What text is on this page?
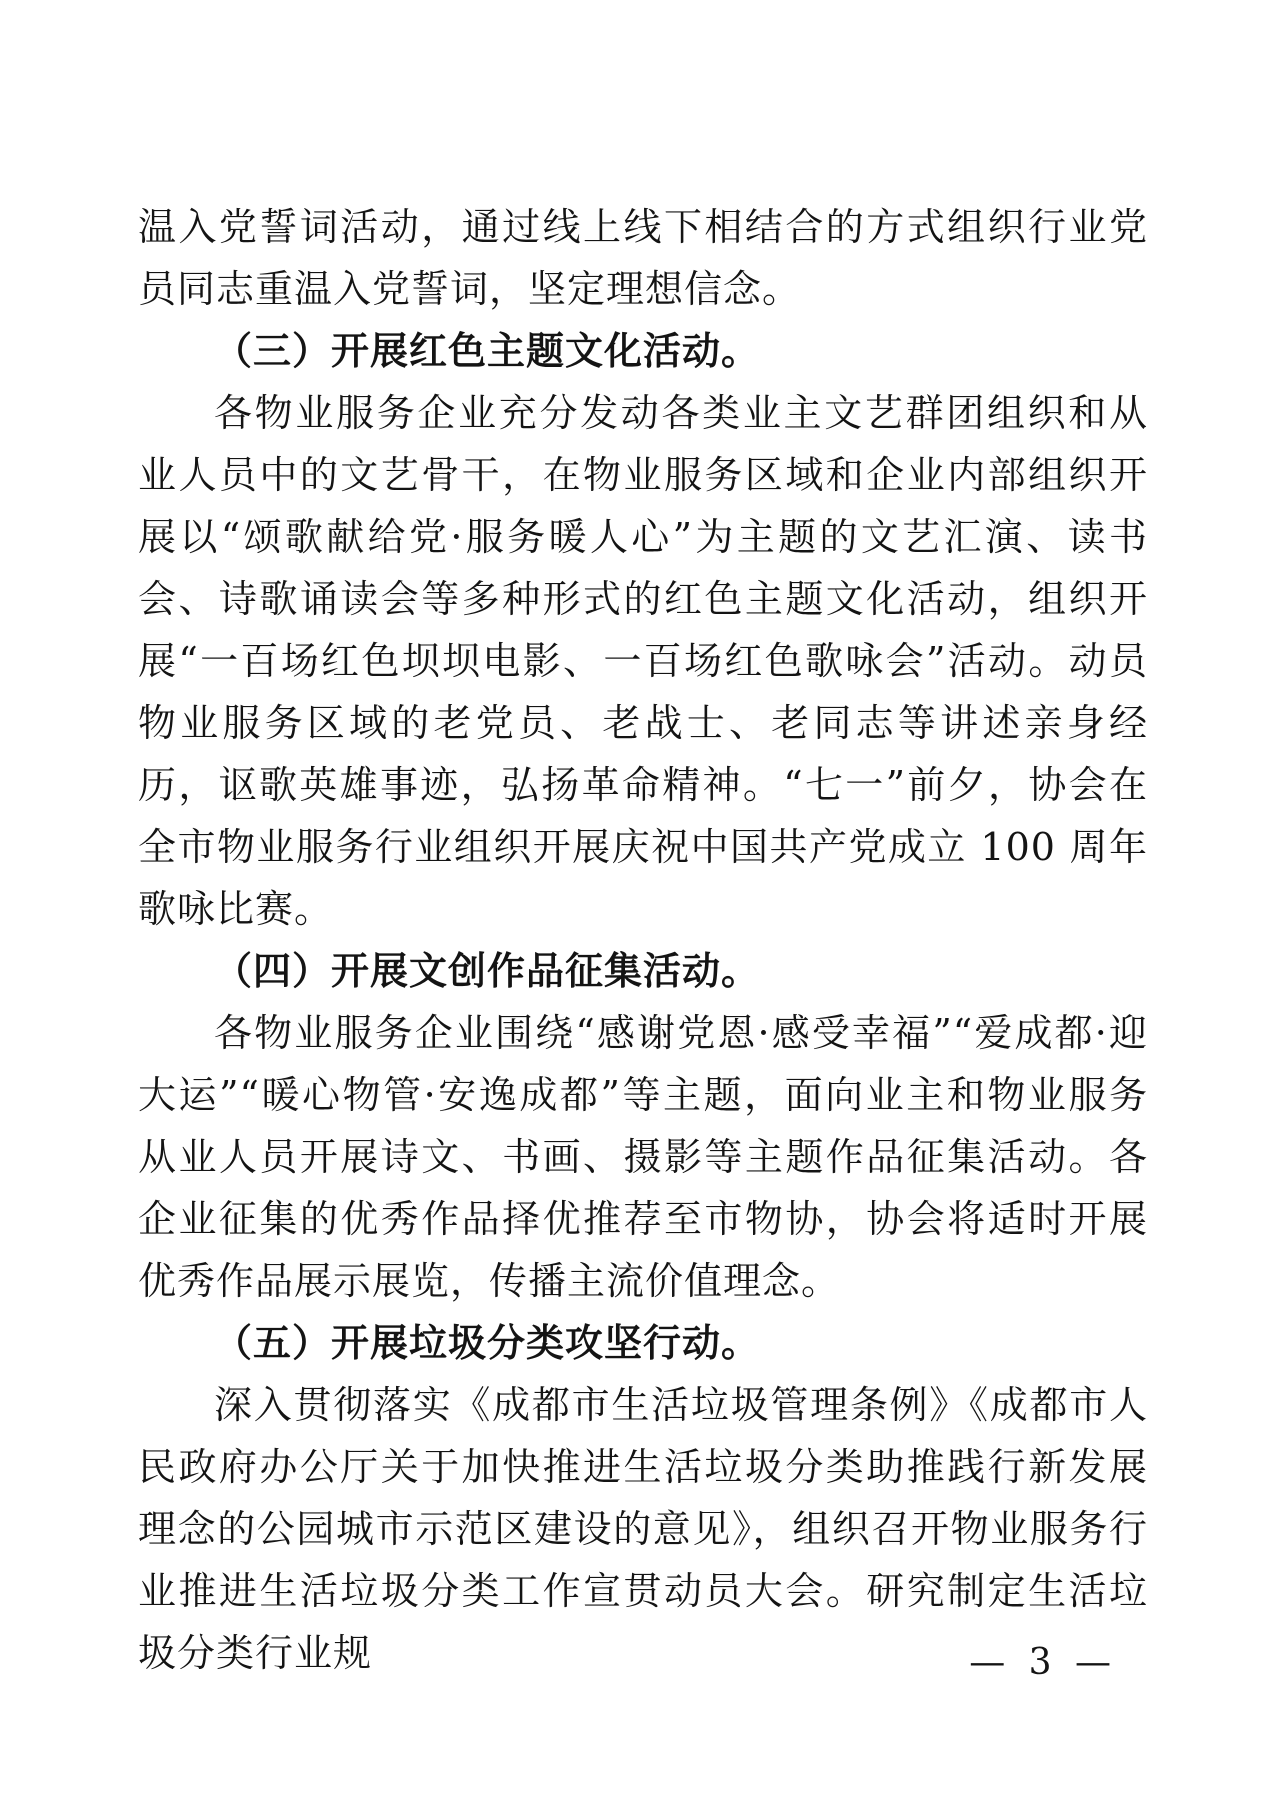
温入党誓词活动，通过线上线下相结合的方式组织行业党员同志重温入党誓词，坚定理想信念。

（三）开展红色主题文化活动。

各物业服务企业充分发动各类业主文艺群团组织和从业人员中的文艺骨干，在物业服务区域和企业内部组织开展以“颂歌献给党·服务暖人心”为主题的文艺汇演、读书会、诗歌诵读会等多种形式的红色主题文化活动，组织开展“一百场红色坝坝电影、一百场红色歌咏会”活动。动员物业服务区域的老党员、老战士、老同志等讲述亲身经历，讴歌英雄事迹，弘扬革命精神。“七一”前夕，协会在全市物业服务行业组织开展庆祝中国共产党成立 100 周年歌咏比赛。

（四）开展文创作品征集活动。

各物业服务企业围绕“感谢党恩·感受幸福”“爱成都·迎大运”“暖心物管·安逸成都”等主题，面向业主和物业服务从业人员开展诗文、书画、摄影等主题作品征集活动。各企业征集的优秀作品择优推荐至市物协，协会将适时开展优秀作品展示展览，传播主流价值理念。

（五）开展垃圾分类攻坚行动。

深入贯彻落实《成都市生活垃圾管理条例》《成都市人民政府办公厅关于加快推进生活垃圾分类助推践行新发展理念的公园城市示范区建设的意见》，组织召开物业服务行业推进生活垃圾分类工作宣贯动员大会。研究制定生活垃圾分类行业规	— 3 —
